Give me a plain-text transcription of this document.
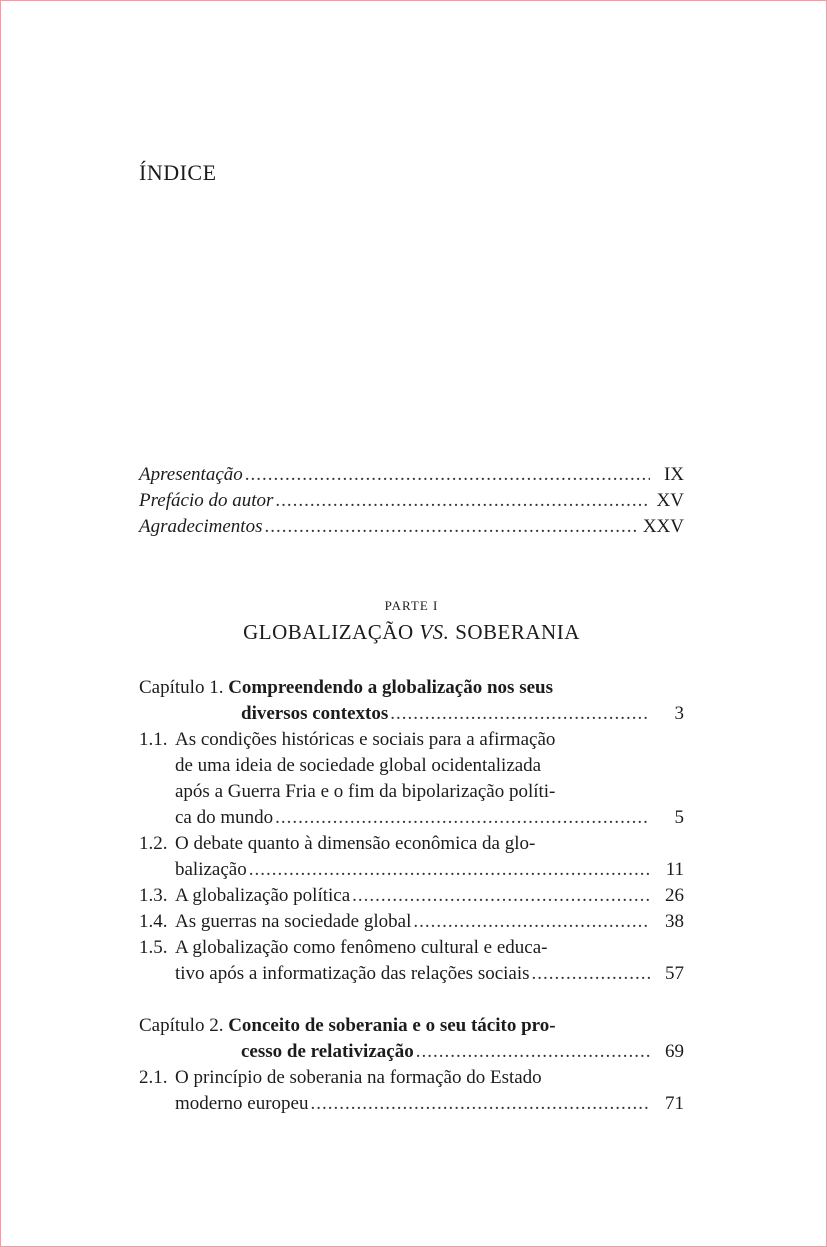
ÍNDICE
Apresentação .....	IX
Prefácio do autor .....	XV
Agradecimentos .....	XXV
PARTE I
GLOBALIZAÇÃO VS. SOBERANIA
Capítulo 1.
Compreendendo a globalização nos seus
diversos contextos .....	3
1.1. As condições históricas e sociais para a afirmação
de uma ideia de sociedade global ocidentalizada
após a Guerra Fria e o fim da bipolarização políti-
ca do mundo .....	5
1.2. O debate quanto à dimensão econômica da glo-
balização .....	11
1.3. A globalização política .....	26
1.4. As guerras na sociedade global .....	38
1.5. A globalização como fenômeno cultural e educa-
tivo após a informatização das relações sociais .....	57
Capítulo 2.
Conceito de soberania e o seu tácito pro-
cesso de relativização .....	69
2.1. O princípio de soberania na formação do Estado
moderno europeu .....	71
